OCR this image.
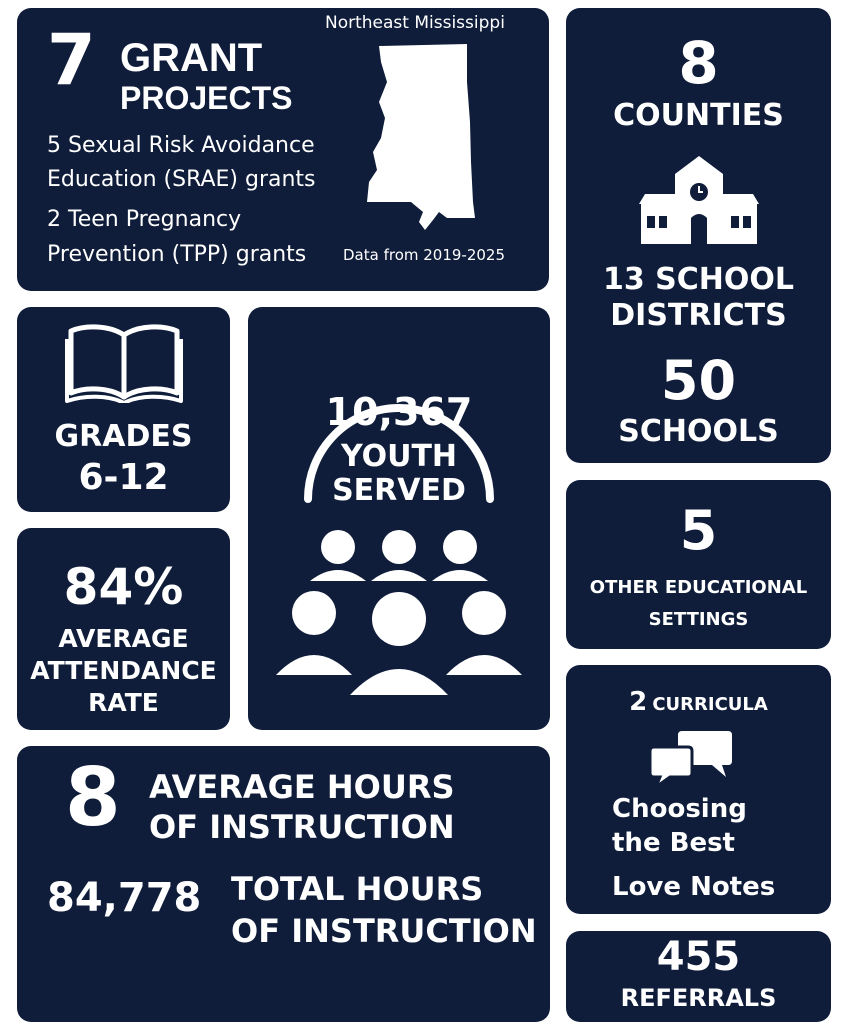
7 GRANT
PROJECTS
5 Sexual Risk Avoidance
Education (SRAE) grants
2 Teen Pregnancy
Prevention (TPP) grants
Northeast Mississippi
Data from 2019-2025
8
COUNTIES
13 SCHOOL
DISTRICTS
50
SCHOOLS
GRADES
6-12
10,367
YOUTH
SERVED
84%
AVERAGE
ATTENDANCE
RATE
5
OTHER EDUCATIONAL
SETTINGS
2 CURRICULA
Choosing
the Best
Love Notes
8 AVERAGE HOURS
OF INSTRUCTION
84,778 TOTAL HOURS
OF INSTRUCTION
455
REFERRALS
